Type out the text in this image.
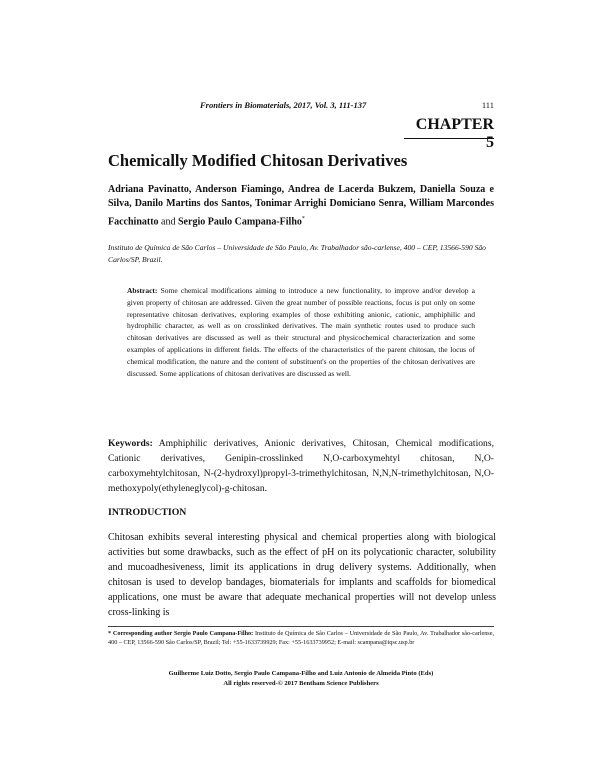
Frontiers in Biomaterials, 2017, Vol. 3, 111-137	111
CHAPTER 5
Chemically Modified Chitosan Derivatives
Adriana Pavinatto, Anderson Fiamingo, Andrea de Lacerda Bukzem, Daniella Souza e Silva, Danilo Martins dos Santos, Tonimar Arrighi Domiciano Senra, William Marcondes Facchinatto and Sergio Paulo Campana-Filho*
Instituto de Química de São Carlos – Universidade de São Paulo, Av. Trabalhador são-carlense, 400 – CEP, 13566-590 São Carlos/SP, Brazil.
Abstract: Some chemical modifications aiming to introduce a new functionality, to improve and/or develop a given property of chitosan are addressed. Given the great number of possible reactions, focus is put only on some representative chitosan derivatives, exploring examples of those exhibiting anionic, cationic, amphiphilic and hydrophilic character, as well as on crosslinked derivatives. The main synthetic routes used to produce such chitosan derivatives are discussed as well as their structural and physicochemical characterization and some examples of applications in different fields. The effects of the characteristics of the parent chitosan, the locus of chemical modification, the nature and the content of substituent's on the properties of the chitosan derivatives are discussed. Some applications of chitosan derivatives are discussed as well.
Keywords: Amphiphilic derivatives, Anionic derivatives, Chitosan, Chemical modifications, Cationic derivatives, Genipin-crosslinked N,O-carboxymehtyl chitosan, N,O-carboxymehtylchitosan, N-(2-hydroxyl)propyl-3-trimethylchitosan, N,N,N-trimethylchitosan, N,O-methoxypoly(ethyleneglycol)-g-chitosan.
INTRODUCTION
Chitosan exhibits several interesting physical and chemical properties along with biological activities but some drawbacks, such as the effect of pH on its polycationic character, solubility and mucoadhesiveness, limit its applications in drug delivery systems. Additionally, when chitosan is used to develop bandages, biomaterials for implants and scaffolds for biomedical applications, one must be aware that adequate mechanical properties will not develop unless cross-linking is
* Corresponding author Sergio Paulo Campana-Filho: Instituto de Química de São Carlos – Universidade de São Paulo, Av. Trabalhador são-carlense, 400 – CEP, 13566-590 São Carlos/SP, Brazil; Tel: +55-1633739929; Fax: +55-1633739952; E-mail: scampana@iqsc.usp.br
Guilherme Luiz Dotto, Sergio Paulo Campana-Filho and Luiz Antonio de Almeida Pinto (Eds)
All rights reserved-© 2017 Bentham Science Publishers
